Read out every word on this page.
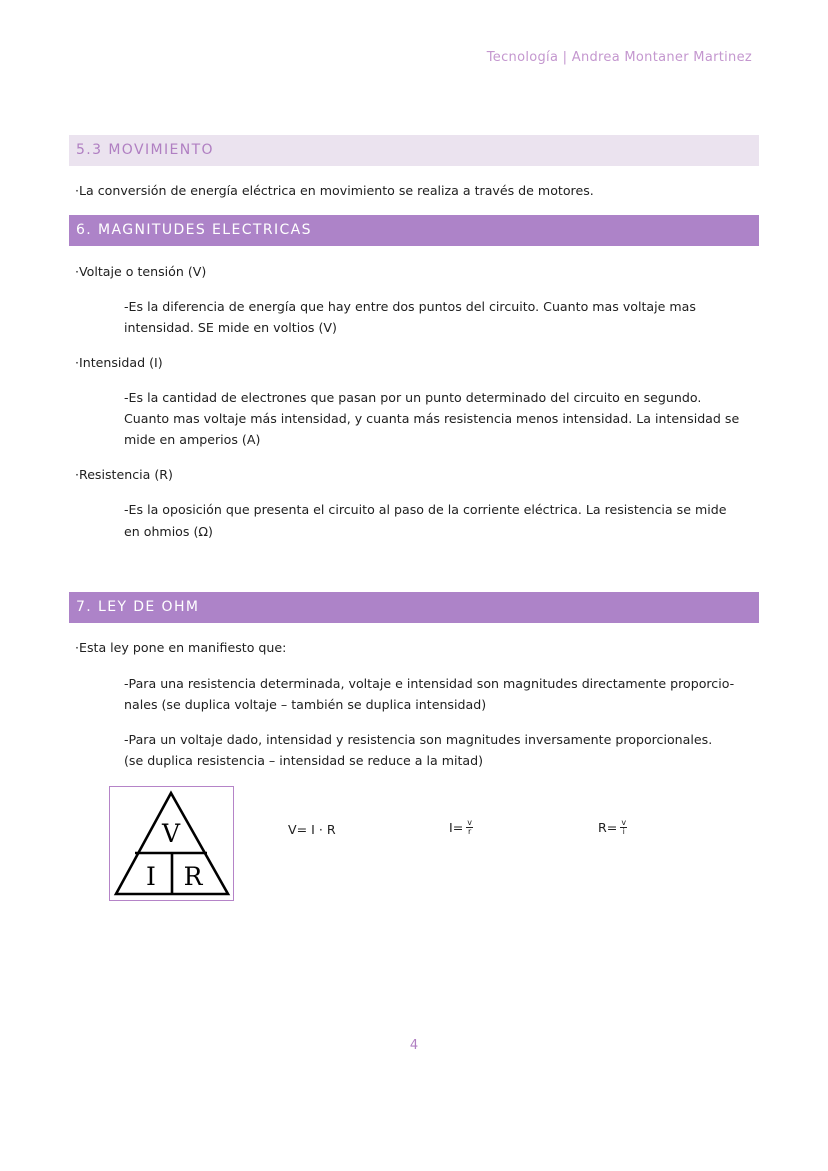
Tecnología | Andrea Montaner Martinez
5.3 MOVIMIENTO
·La conversión de energía eléctrica en movimiento se realiza a través de motores.
6. MAGNITUDES ELECTRICAS
·Voltaje o tensión (V)
-Es la diferencia de energía que hay entre dos puntos del circuito. Cuanto mas voltaje mas
intensidad. SE mide en voltios (V)
·Intensidad (I)
-Es la cantidad de electrones que pasan por un punto determinado del circuito en segundo.
Cuanto mas voltaje más intensidad, y cuanta más resistencia menos intensidad. La intensidad se
mide en amperios (A)
·Resistencia (R)
-Es la oposición que presenta el circuito al paso de la corriente eléctrica. La resistencia se mide
en ohmios (Ω)
7. LEY DE OHM
·Esta ley pone en manifiesto que:
-Para una resistencia determinada, voltaje e intensidad son magnitudes directamente proporcio-
nales (se duplica voltaje – también se duplica intensidad)
-Para un voltaje dado, intensidad y resistencia son magnitudes inversamente proporcionales.
(se duplica resistencia – intensidad se reduce a la mitad)
V
I R
V= I · R	$I= \frac{v}{r}$	$R= \frac{v}{i}$
4
